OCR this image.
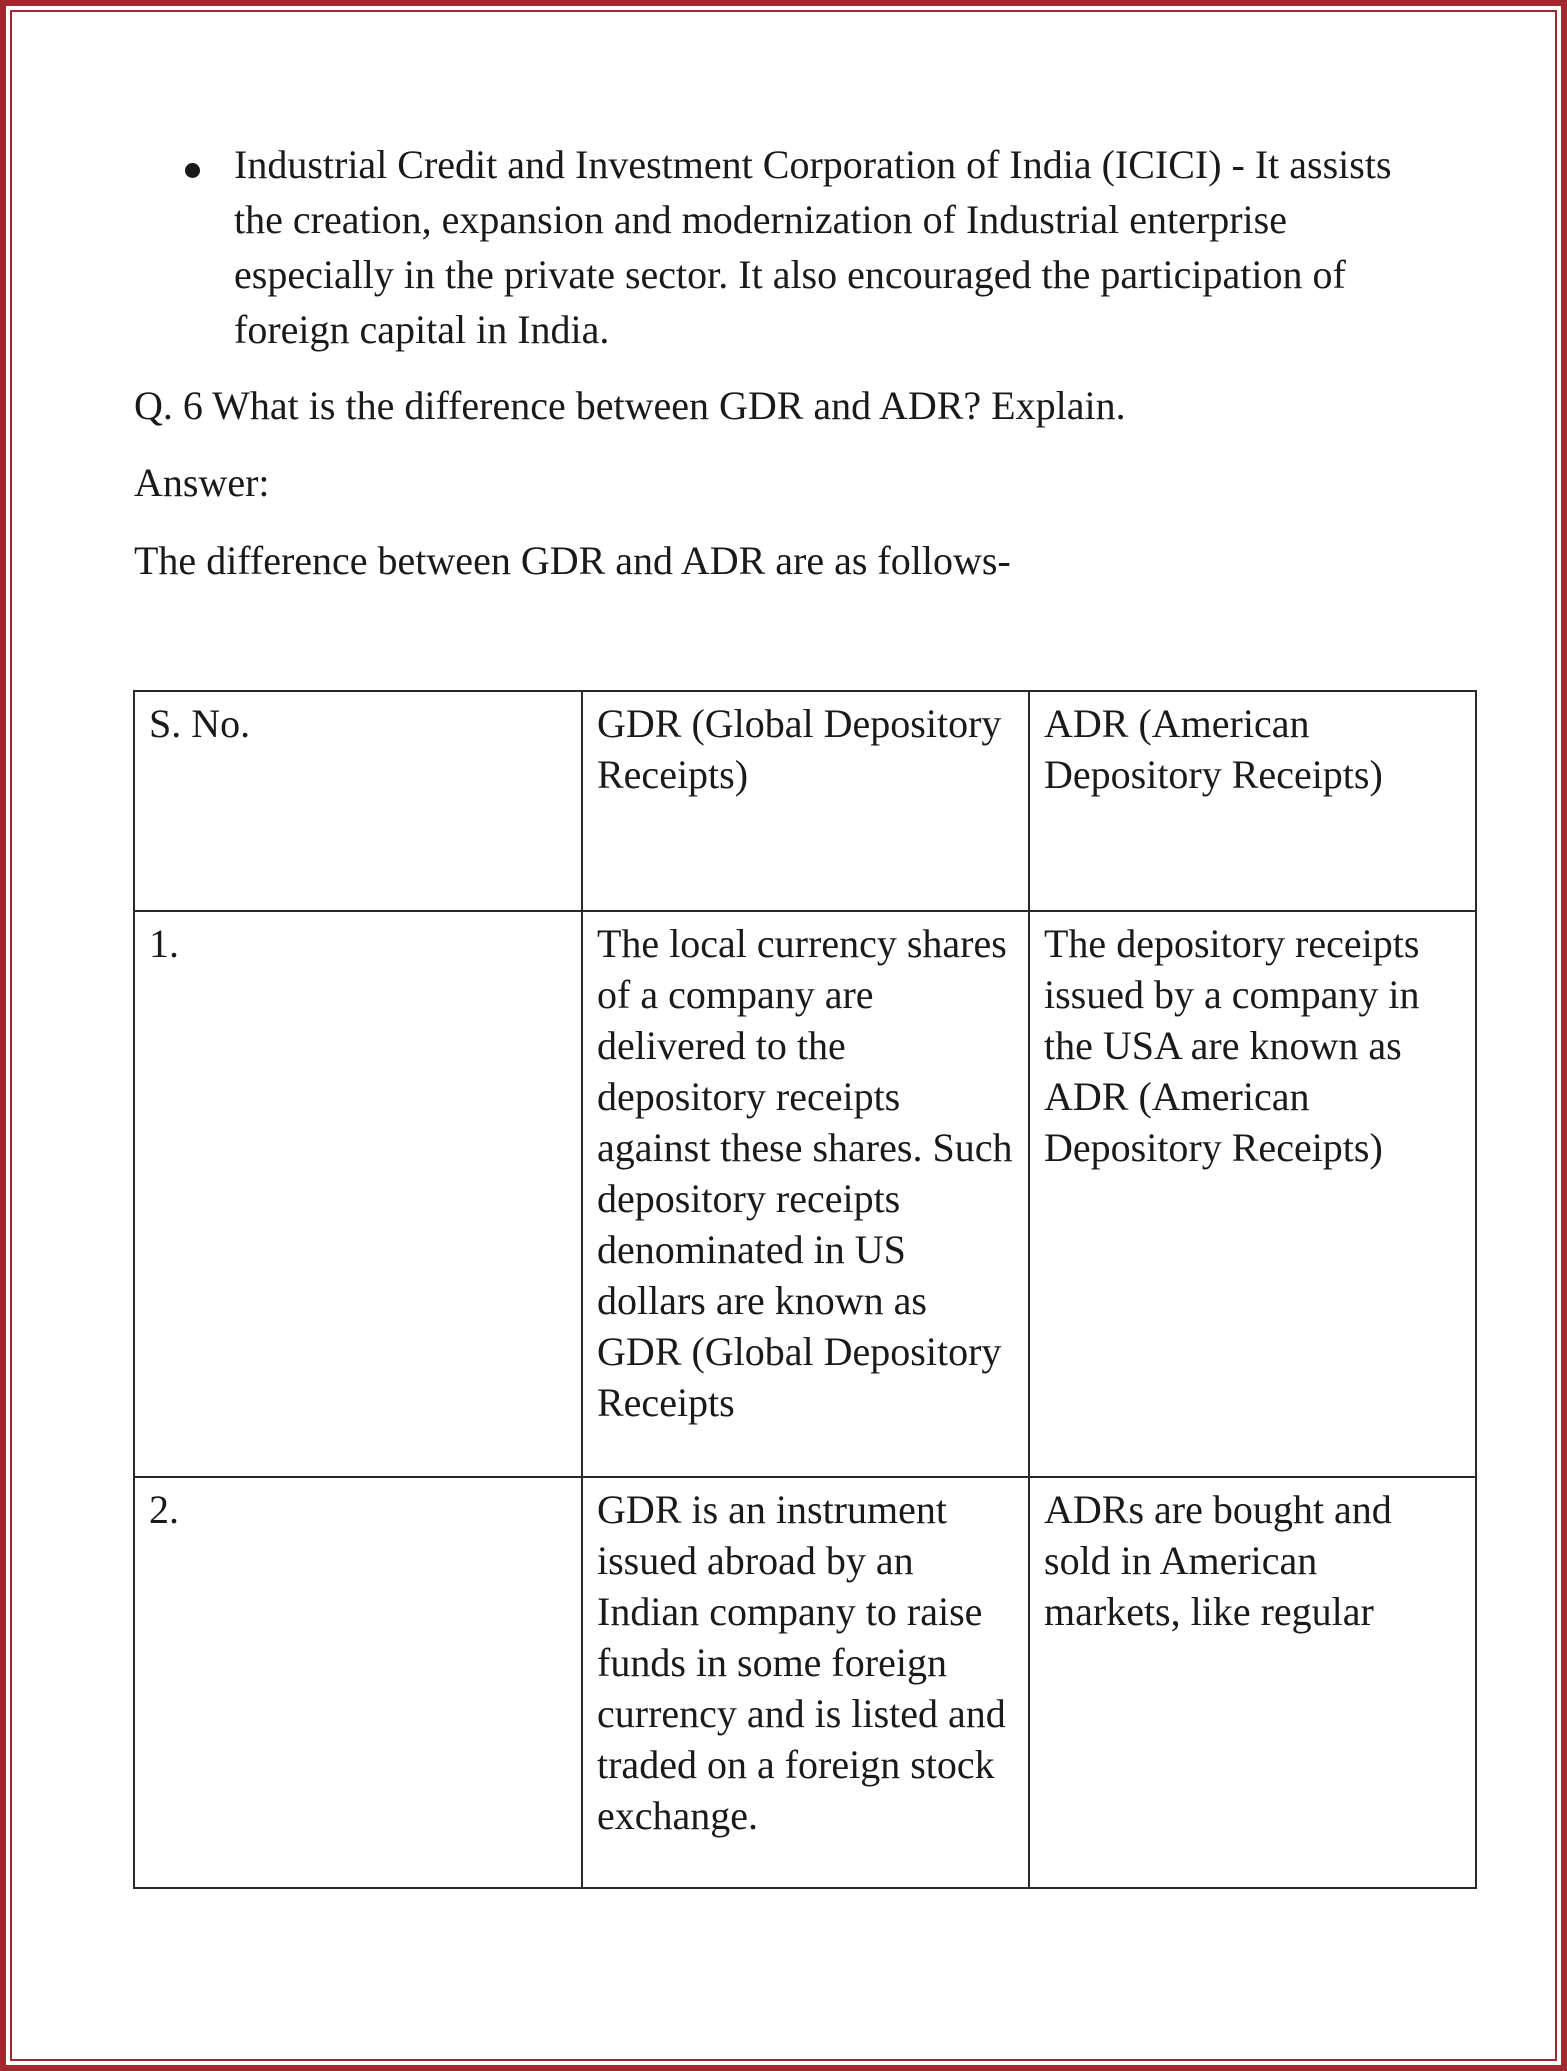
Industrial Credit and Investment Corporation of India (ICICI) - It assists the creation, expansion and modernization of Industrial enterprise especially in the private sector. It also encouraged the participation of foreign capital in India.
Q. 6 What is the difference between GDR and ADR? Explain.
Answer:
The difference between GDR and ADR are as follows-
S. No.	GDR (Global Depository Receipts)	ADR (American Depository Receipts)
1.	The local currency shares of a company are delivered to the depository receipts against these shares. Such depository receipts denominated in US dollars are known as GDR (Global Depository Receipts	The depository receipts issued by a company in the USA are known as ADR (American Depository Receipts)
2.	GDR is an instrument issued abroad by an Indian company to raise funds in some foreign currency and is listed and traded on a foreign stock exchange.	ADRs are bought and sold in American markets, like regular
